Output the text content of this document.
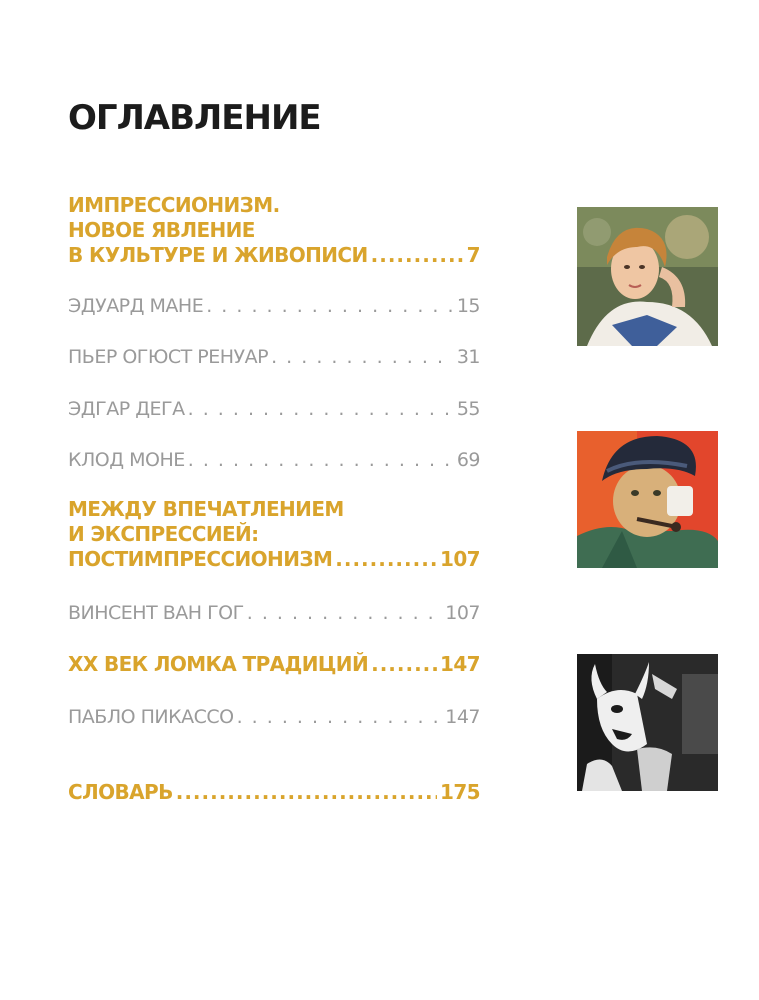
ОГЛАВЛЕНИЕ
ИМПРЕССИОНИЗМ.
НОВОЕ ЯВЛЕНИЕ
В КУЛЬТУРЕ И ЖИВОПИСИ .....	7
ЭДУАРД МАНЕ . . .	15
ПЬЕР ОГЮСТ РЕНУАР . . .	31
ЭДГАР ДЕГА . . .	55
КЛОД МОНЕ . . .	69
МЕЖДУ ВПЕЧАТЛЕНИЕМ
И ЭКСПРЕССИЕЙ:
ПОСТИМПРЕССИОНИЗМ .....	107
ВИНСЕНТ ВАН ГОГ . . .	107
XX ВЕК ЛОМКА ТРАДИЦИЙ .....	147
ПАБЛО ПИКАССО . . .	147
СЛОВАРЬ .....	175
